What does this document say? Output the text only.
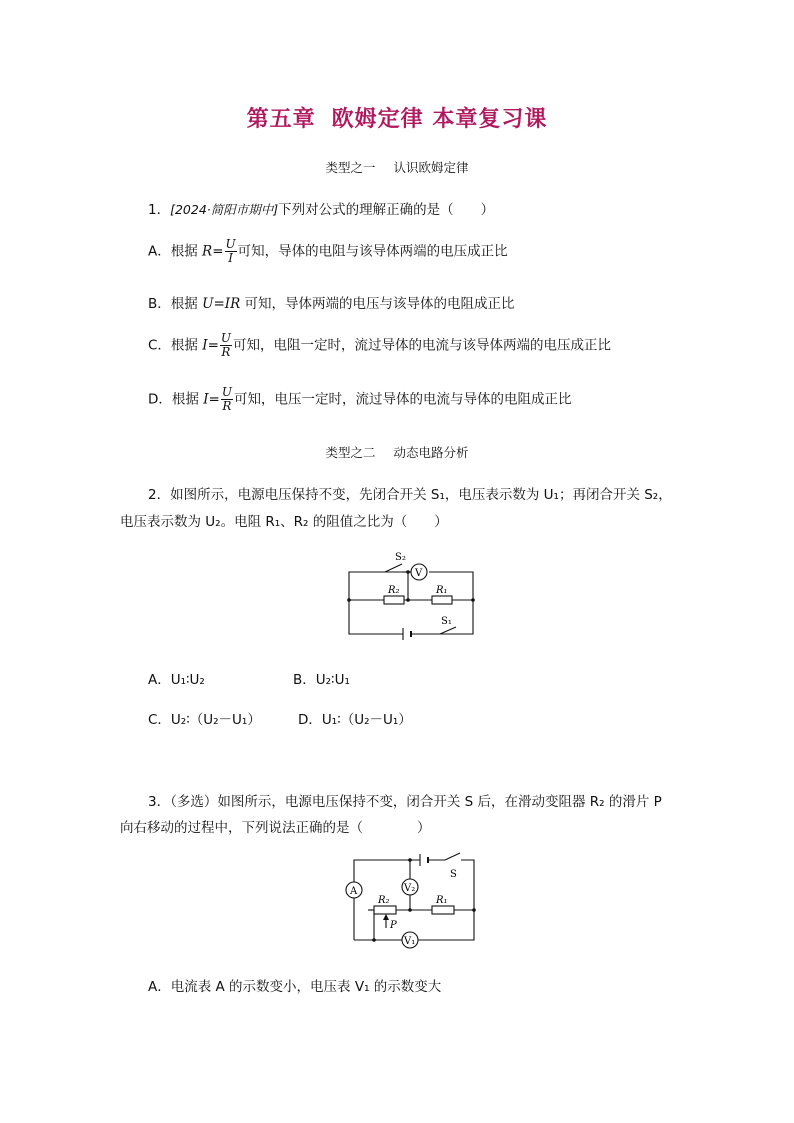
第五章 欧姆定律 本章复习课
类型之一 认识欧姆定律
1．[2024·简阳市期中]下列对公式的理解正确的是（　　）
A．根据 $R= \frac{U}{I}$ 可知，导体的电阻与该导体两端的电压成正比
B．根据 U=IR 可知，导体两端的电压与该导体的电阻成正比
C．根据 $I= \frac{U}{R}$ 可知，电阻一定时，流过导体的电流与该导体两端的电压成正比
D．根据 $I= \frac{U}{R}$ 可知，电压一定时，流过导体的电流与导体的电阻成正比
类型之二 动态电路分析
2．如图所示，电源电压保持不变，先闭合开关 S₁，电压表示数为 U₁；再闭合开关 S₂，
电压表示数为 U₂。电阻 R₁、R₂ 的阻值之比为（　　）
S₂
V
R₂	R₁
S₁
A．U₁∶U₂	B．U₂∶U₁
C．U₂∶（U₂－U₁）	D．U₁∶（U₂－U₁）
3．（多选）如图所示，电源电压保持不变，闭合开关 S 后，在滑动变阻器 R₂ 的滑片 P
向右移动的过程中，下列说法正确的是（　　　　）
A	V₂
S
R₂	R₁
P
V₁
A．电流表 A 的示数变小，电压表 V₁ 的示数变大
